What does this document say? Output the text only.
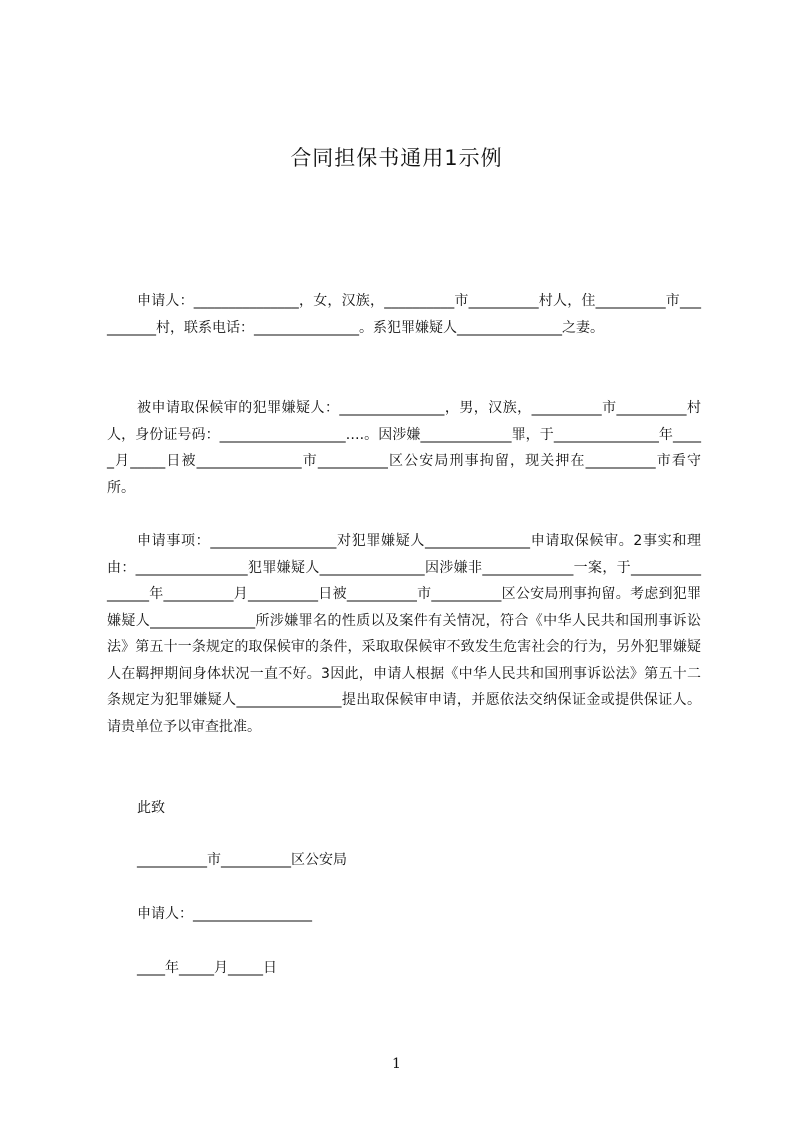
合同担保书通用1示例

申请人：_______________，女，汉族，__________市__________村人，住__________市__________村，联系电话：_______________。系犯罪嫌疑人_______________之妻。

被申请取保候审的犯罪嫌疑人：_______________，男，汉族，__________市__________村人，身份证号码：__________________….。因涉嫌_____________罪，于_______________年_____月_____日被_______________市__________区公安局刑事拘留，现关押在__________市看守所。

申请事项：__________________对犯罪嫌疑人_______________申请取保候审。2事实和理由：________________犯罪嫌疑人_______________因涉嫌非_____________一案，于________________年__________月__________日被__________市__________区公安局刑事拘留。考虑到犯罪嫌疑人_______________所涉嫌罪名的性质以及案件有关情况，符合《中华人民共和国刑事诉讼法》第五十一条规定的取保候审的条件，采取取保候审不致发生危害社会的行为，另外犯罪嫌疑人在羁押期间身体状况一直不好。3因此，申请人根据《中华人民共和国刑事诉讼法》第五十二条规定为犯罪嫌疑人_______________提出取保候审申请，并愿依法交纳保证金或提供保证人。请贵单位予以审查批准。

此致
__________市__________区公安局
申请人：_________________
____年_____月_____日
1
